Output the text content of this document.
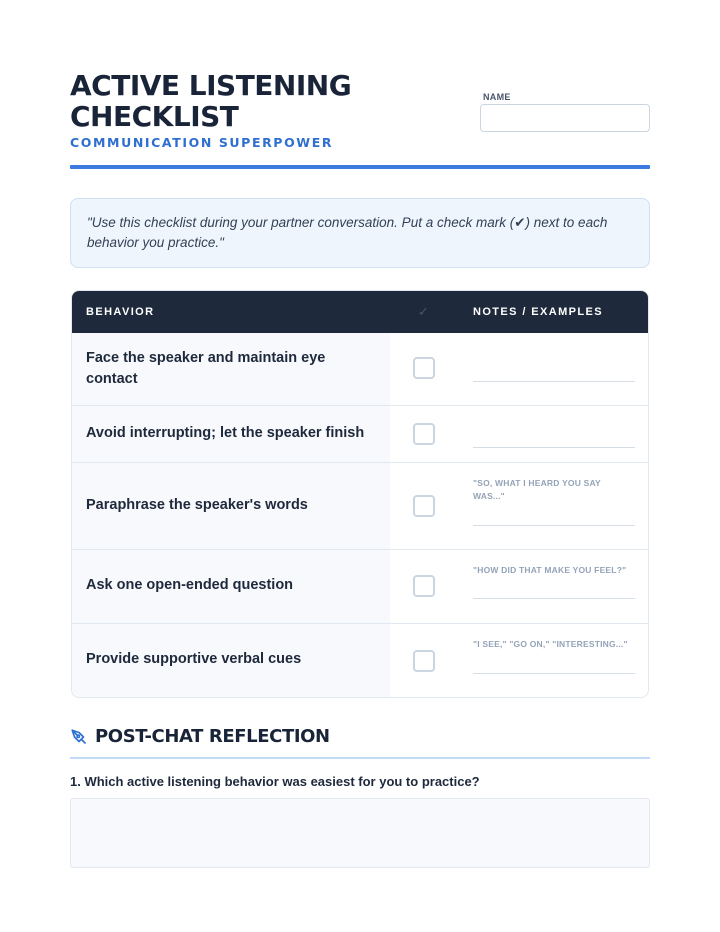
ACTIVE LISTENING
CHECKLIST
COMMUNICATION SUPERPOWER
NAME
"Use this checklist during your partner conversation. Put a check mark (✔) next to each behavior you practice."
BEHAVIOR	✓	NOTES / EXAMPLES
Face the speaker and maintain eye contact
Avoid interrupting; let the speaker finish
Paraphrase the speaker's words
"SO, WHAT I HEARD YOU SAY WAS..."
Ask one open-ended question
"HOW DID THAT MAKE YOU FEEL?"
Provide supportive verbal cues
"I SEE," "GO ON," "INTERESTING..."
POST-CHAT REFLECTION
1. Which active listening behavior was easiest for you to practice?
